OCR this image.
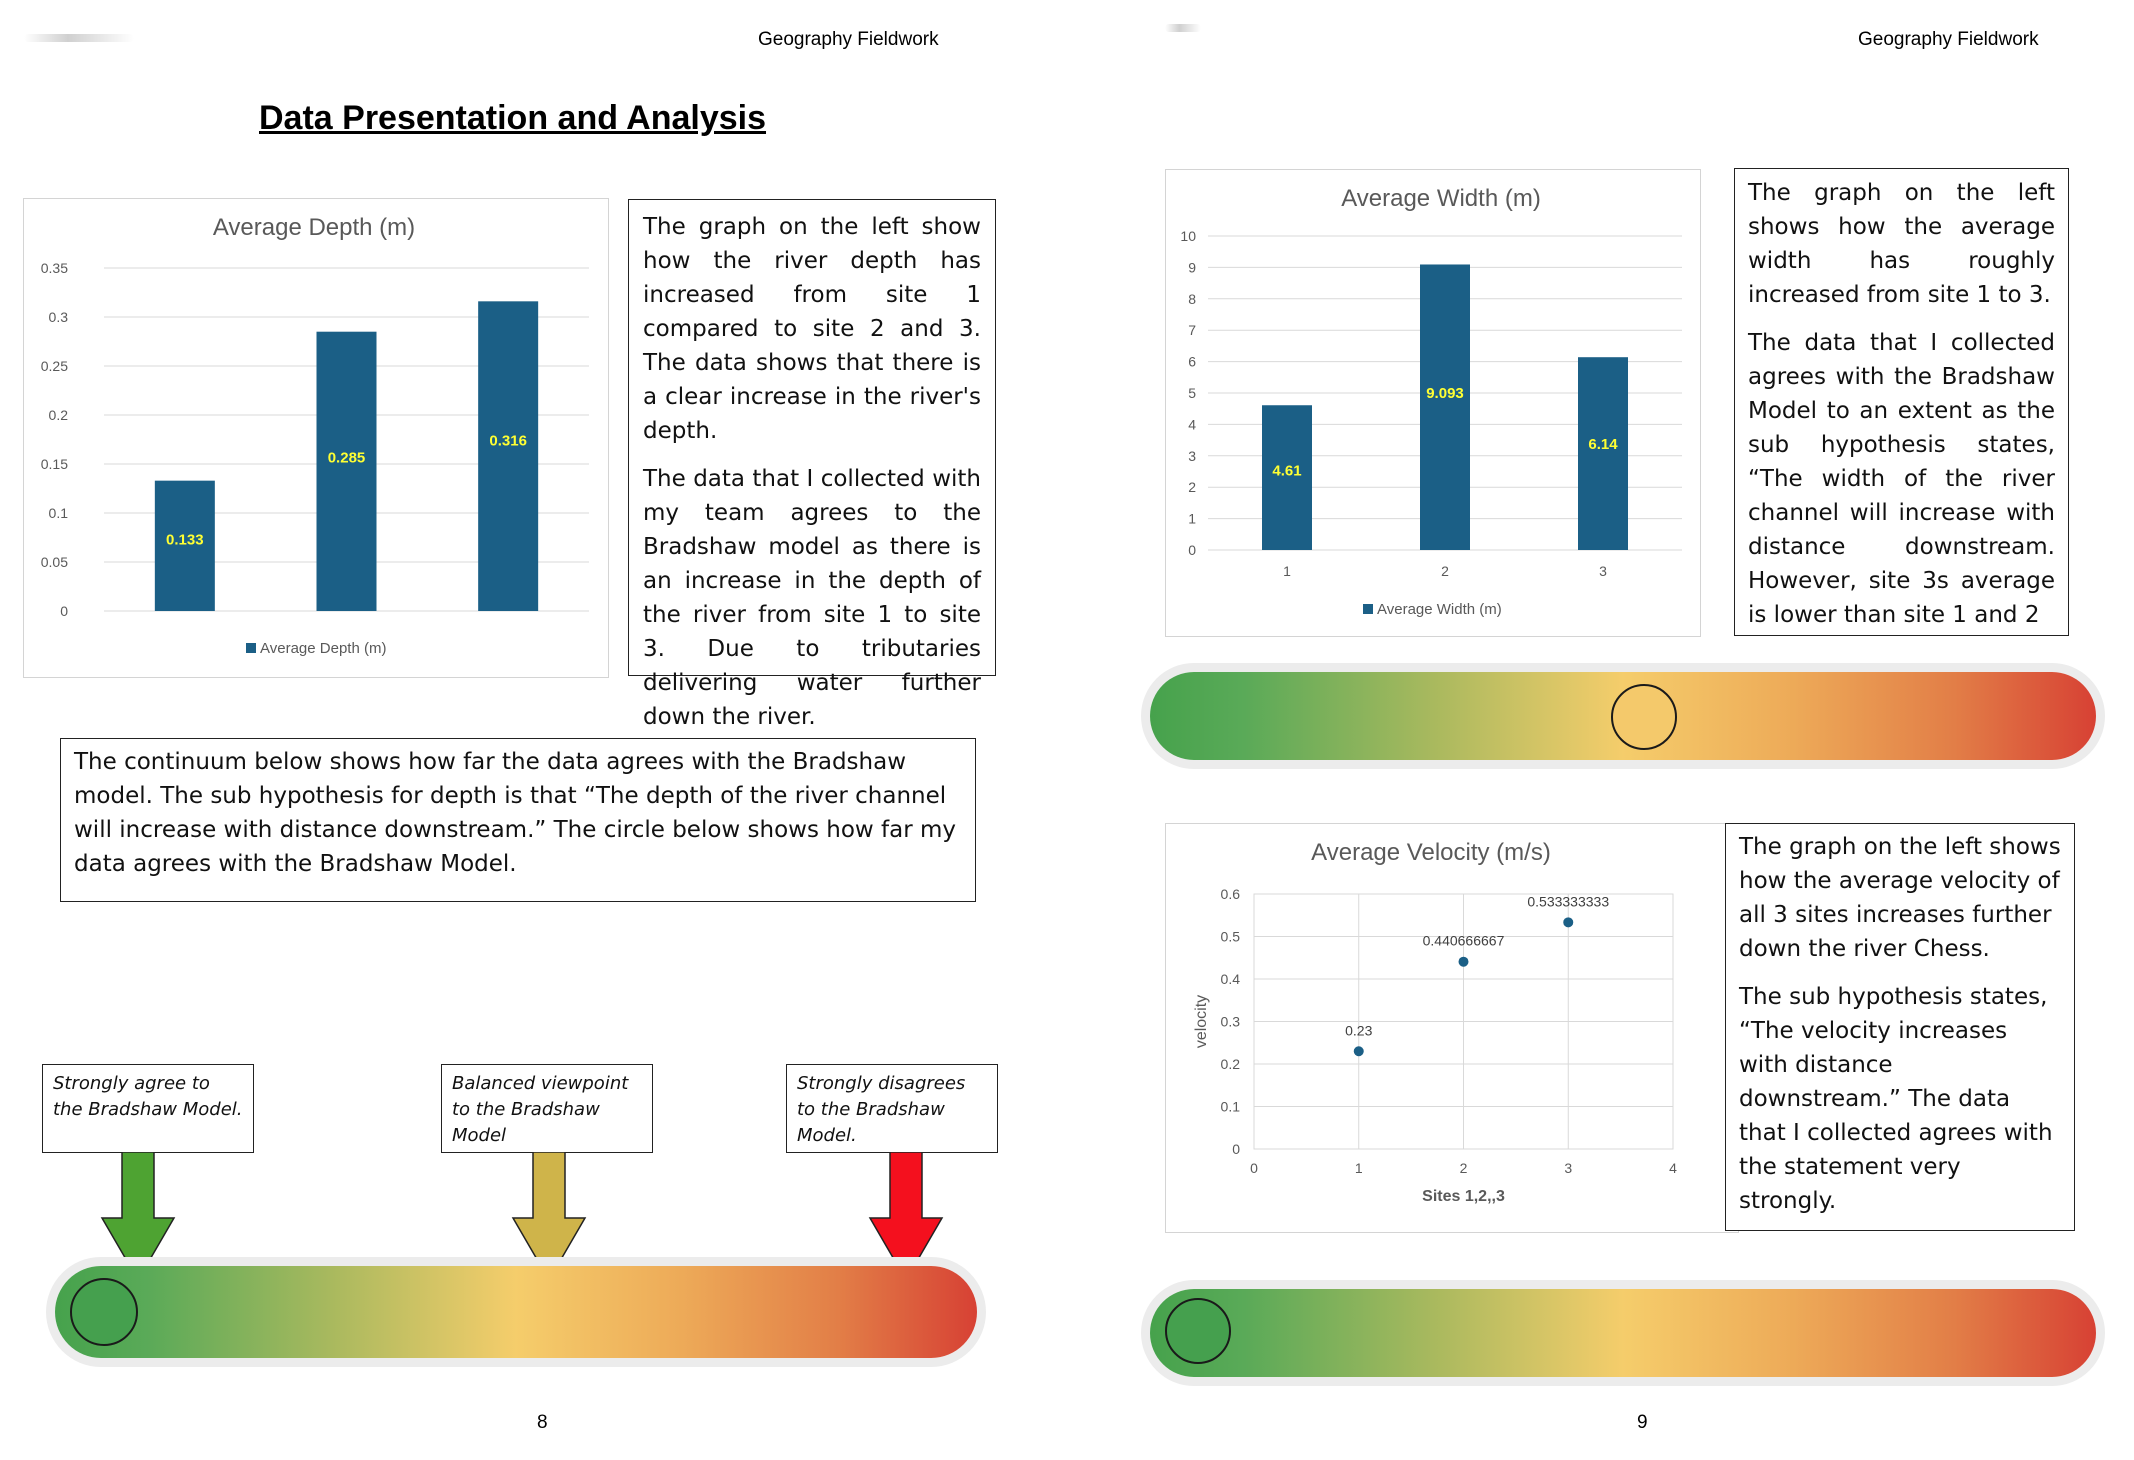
Geography Fieldwork
Data Presentation and Analysis
Average Depth (m)
0
0.05
0.1
0.15
0.2
0.25
0.3
0.35
0.133
0.285
0.316
Average Depth (m)

The graph on the left show how the river depth has increased from site 1 compared to site 2 and 3. The data shows that there is a clear increase in the river's depth.

The data that I collected with my team agrees to the Bradshaw model as there is an increase in the depth of the river from site 1 to site 3. Due to tributaries delivering water further down the river.

The continuum below shows how far the data agrees with the Bradshaw model. The sub hypothesis for depth is that “The depth of the river channel will increase with distance downstream.” The circle below shows how far my data agrees with the Bradshaw Model.

Strongly agree to the Bradshaw Model.
Balanced viewpoint to the Bradshaw Model
Strongly disagrees to the Bradshaw Model.
8
Geography Fieldwork
Average Width (m)
0
1
2
3
4
5
6
7
8
9
10
4.61
1
9.093
2
6.14
3
Average Width (m)

The graph on the left shows how the average width has roughly increased from site 1 to 3.

The data that I collected agrees with the Bradshaw Model to an extent as the sub hypothesis states, “The width of the river channel will increase with distance downstream. However, site 3s average is lower than site 1 and 2

Average Velocity (m/s)
0
0.1
0.2
0.3
0.4
0.5
0.6
0	1	2	3	4
0.23
0.440666667
0.533333333
Sites 1,2,,3
velocity

The graph on the left shows how the average velocity of all 3 sites increases further down the river Chess.

The sub hypothesis states, “The velocity increases with distance downstream.” The data that I collected agrees with the statement very strongly.

9
